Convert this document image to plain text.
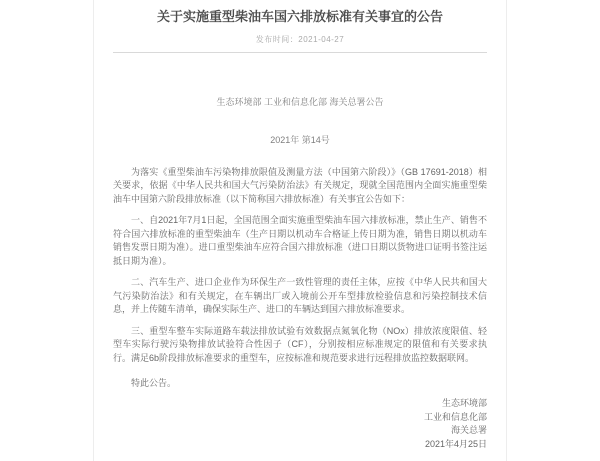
关于实施重型柴油车国六排放标准有关事宜的公告
发布时间：2021-04-27
生态环境部 工业和信息化部 海关总署公告
2021年 第14号

为落实《重型柴油车污染物排放限值及测量方法（中国第六阶段）》（GB 17691-2018）相关要求，依据《中华人民共和国大气污染防治法》有关规定，现就全国范围内全面实施重型柴油车中国第六阶段排放标准（以下简称国六排放标准）有关事宜公告如下：

一、自2021年7月1日起，全国范围全面实施重型柴油车国六排放标准，禁止生产、销售不符合国六排放标准的重型柴油车（生产日期以机动车合格证上传日期为准，销售日期以机动车销售发票日期为准）。进口重型柴油车应符合国六排放标准（进口日期以货物进口证明书签注运抵日期为准）。

二、汽车生产、进口企业作为环保生产一致性管理的责任主体，应按《中华人民共和国大气污染防治法》和有关规定，在车辆出厂或入境前公开车型排放检验信息和污染控制技术信息，并上传随车清单，确保实际生产、进口的车辆达到国六排放标准要求。

三、重型车整车实际道路车载法排放试验有效数据点氮氧化物（NOx）排放浓度限值、轻型车实际行驶污染物排放试验符合性因子（CF），分别按相应标准规定的限值和有关要求执行。满足6b阶段排放标准要求的重型车，应按标准和规范要求进行远程排放监控数据联网。

特此公告。
生态环境部
工业和信息化部
海关总署
2021年4月25日
